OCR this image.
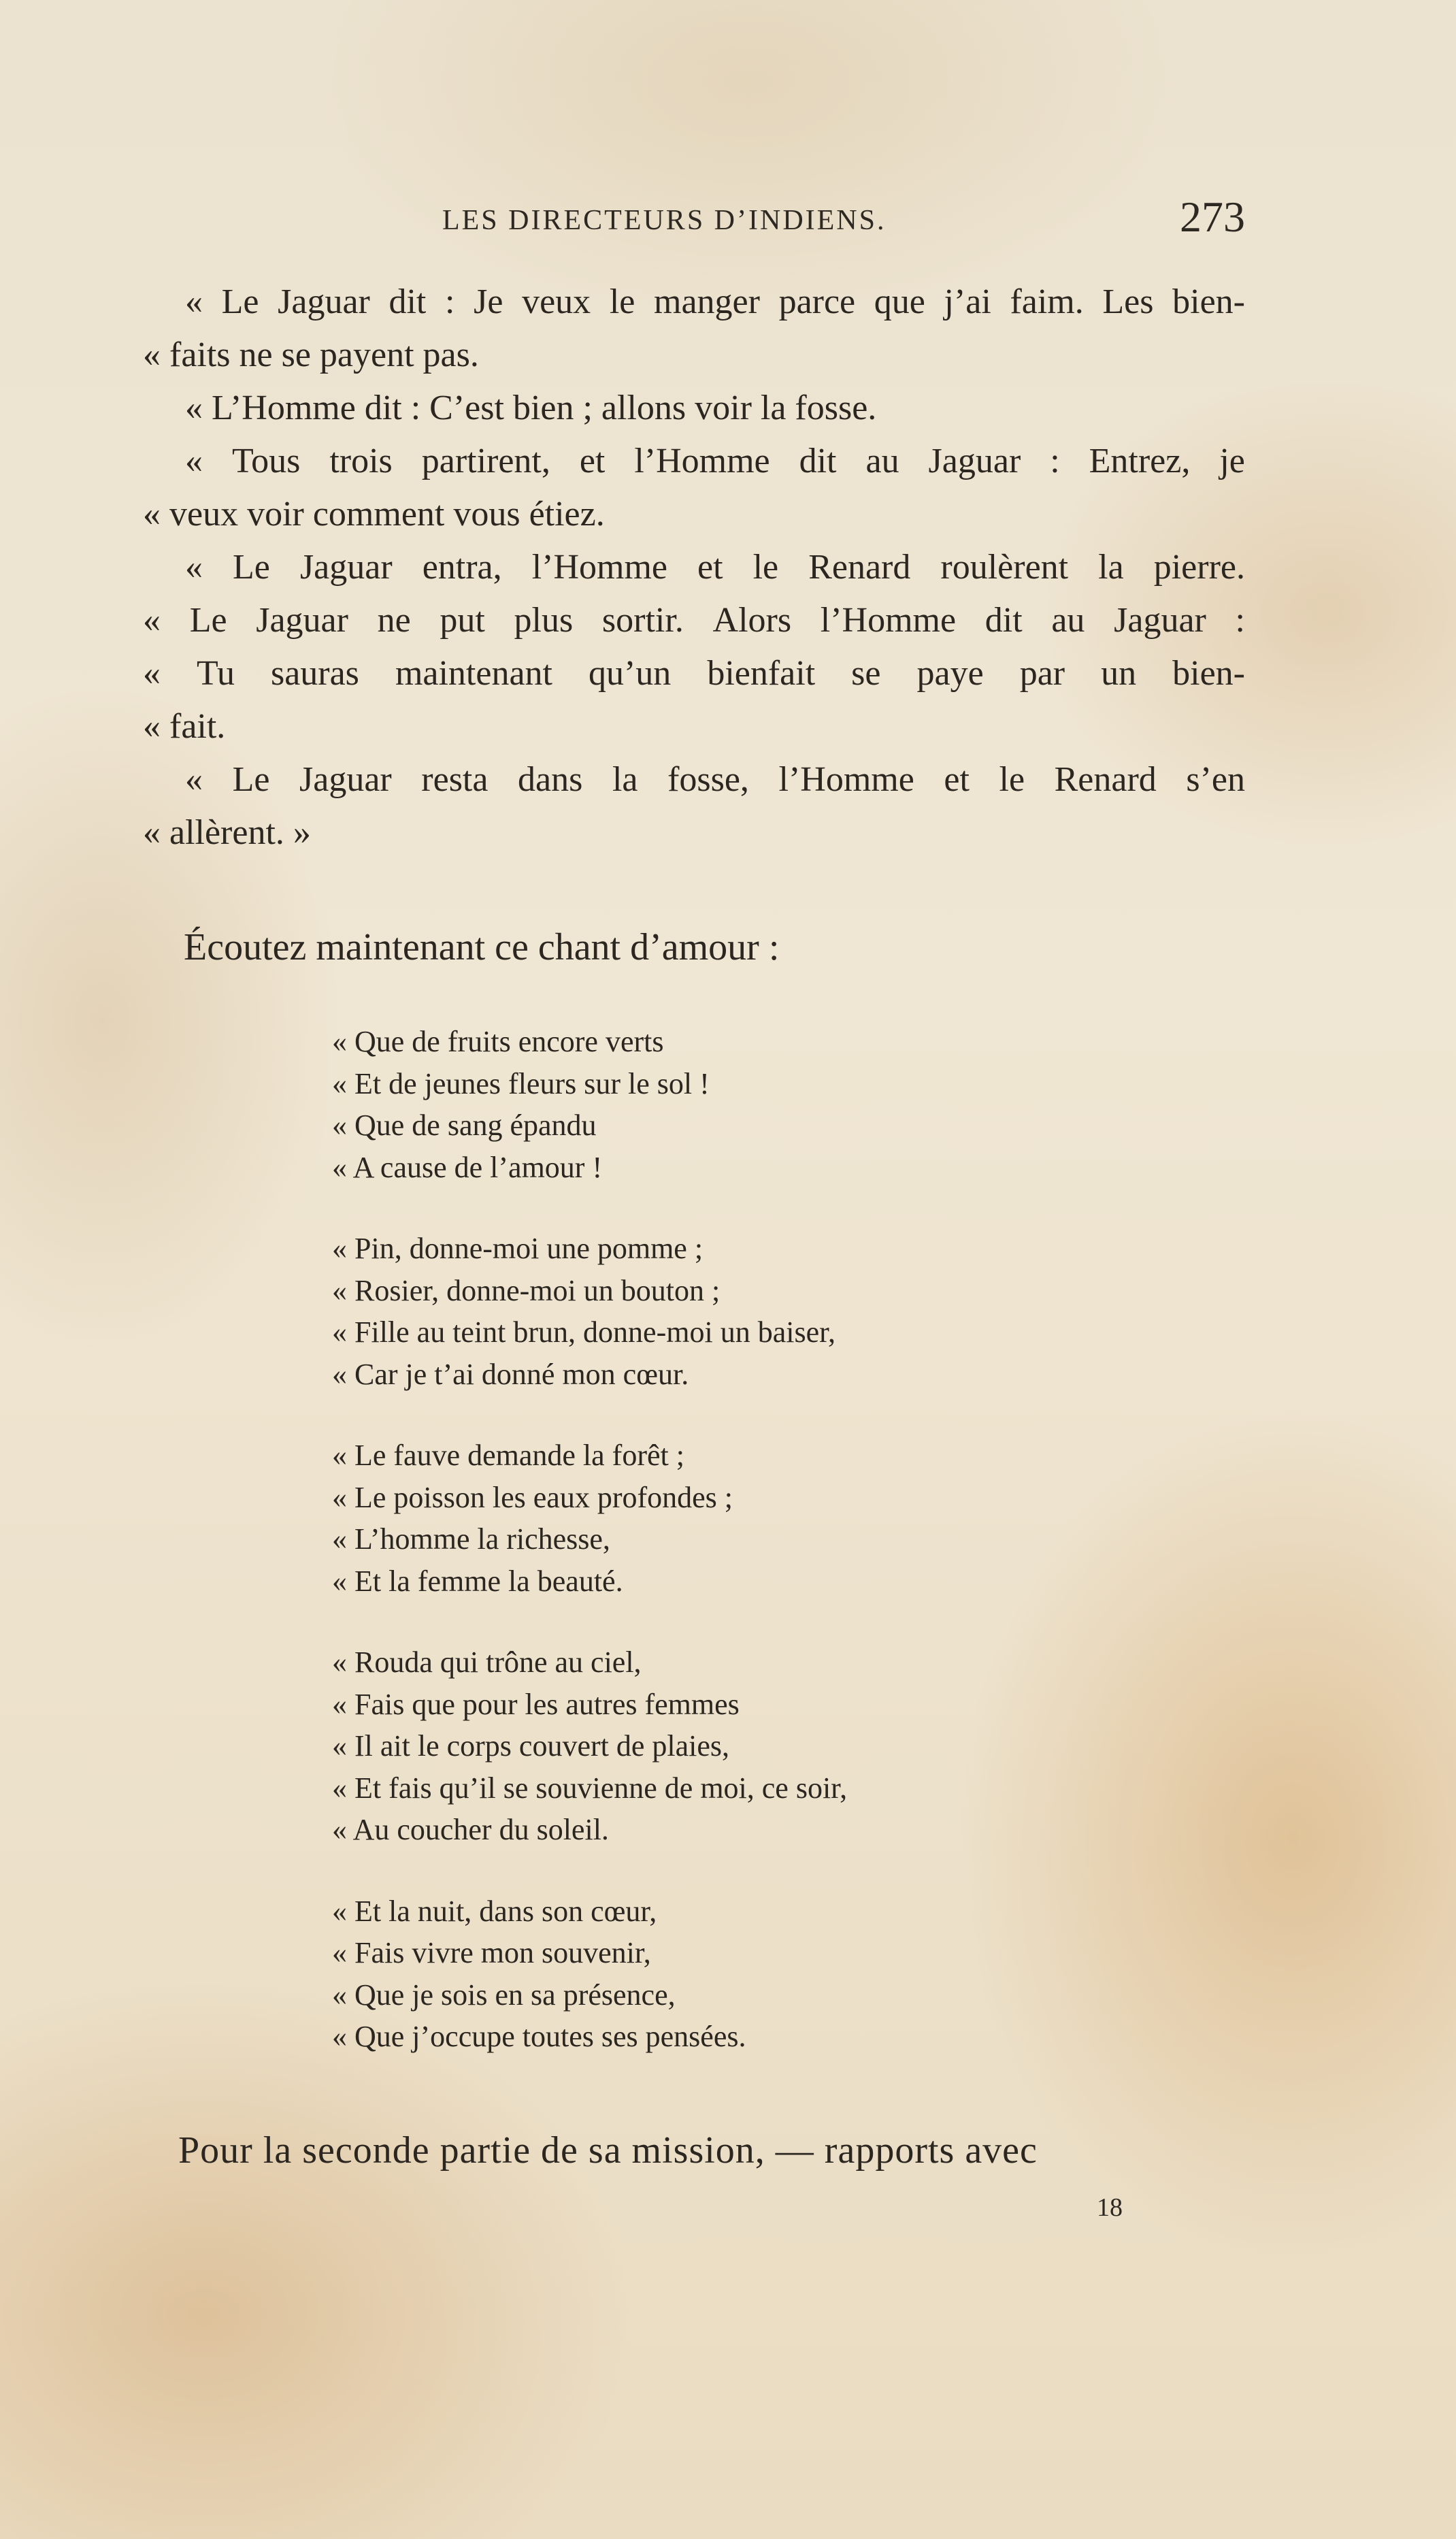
LES DIRECTEURS D’INDIENS.	273
« Le Jaguar dit : Je veux le manger parce que j’ai faim. Les bien-
« faits ne se payent pas.
« L’Homme dit : C’est bien ; allons voir la fosse.
« Tous trois partirent, et l’Homme dit au Jaguar : Entrez, je
« veux voir comment vous étiez.
« Le Jaguar entra, l’Homme et le Renard roulèrent la pierre.
« Le Jaguar ne put plus sortir. Alors l’Homme dit au Jaguar :
« Tu sauras maintenant qu’un bienfait se paye par un bien-
« fait.
« Le Jaguar resta dans la fosse, l’Homme et le Renard s’en
« allèrent. »
Écoutez maintenant ce chant d’amour :
« Que de fruits encore verts
« Et de jeunes fleurs sur le sol !
« Que de sang épandu
« A cause de l’amour !
« Pin, donne-moi une pomme ;
« Rosier, donne-moi un bouton ;
« Fille au teint brun, donne-moi un baiser,
« Car je t’ai donné mon cœur.
« Le fauve demande la forêt ;
« Le poisson les eaux profondes ;
« L’homme la richesse,
« Et la femme la beauté.
« Rouda qui trône au ciel,
« Fais que pour les autres femmes
« Il ait le corps couvert de plaies,
« Et fais qu’il se souvienne de moi, ce soir,
« Au coucher du soleil.
« Et la nuit, dans son cœur,
« Fais vivre mon souvenir,
« Que je sois en sa présence,
« Que j’occupe toutes ses pensées.
Pour la seconde partie de sa mission, — rapports avec
18
